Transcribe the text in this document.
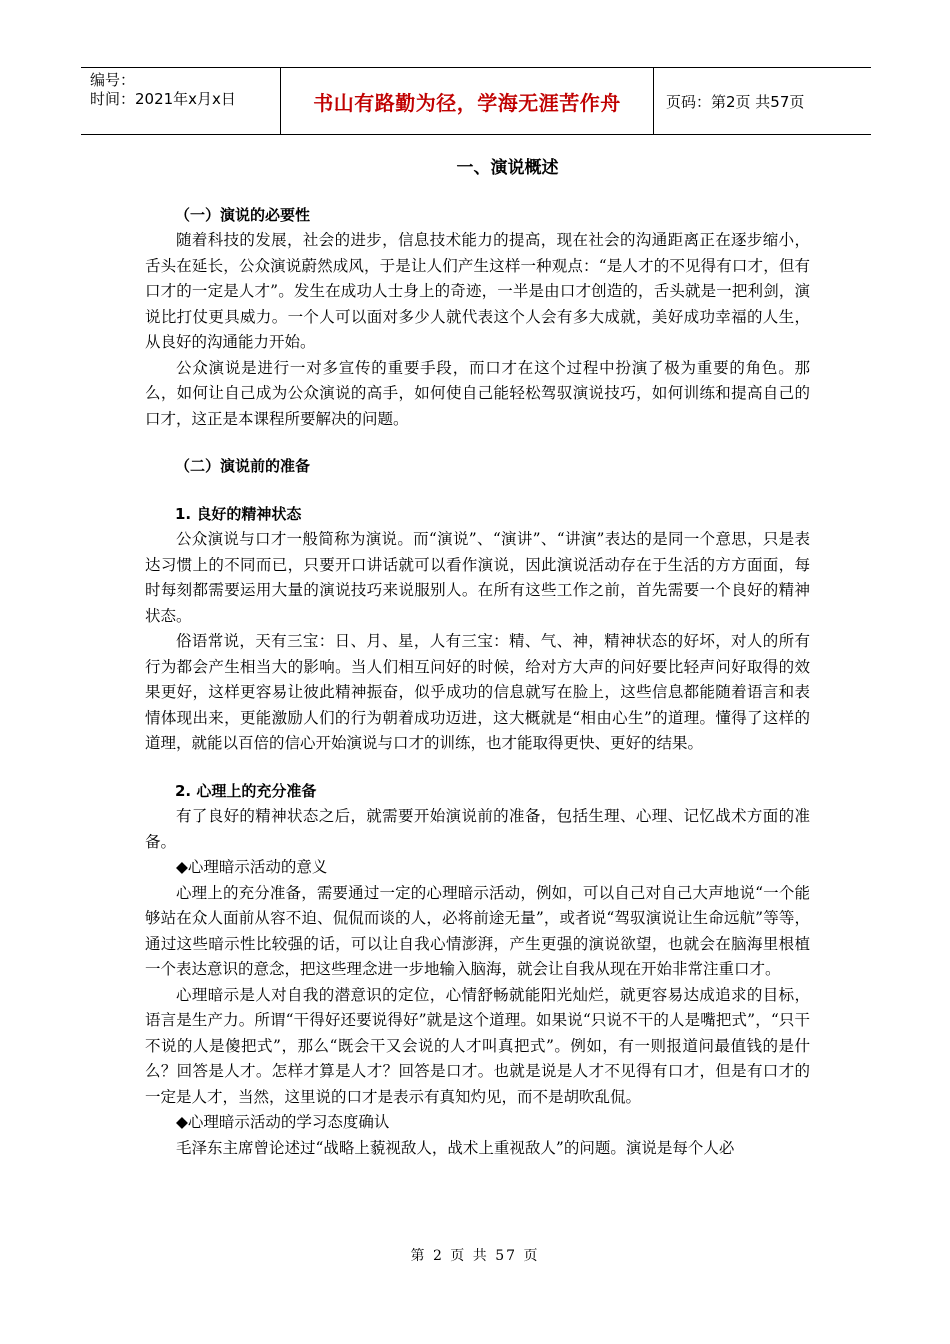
编号：
时间：2021年x月x日	书山有路勤为径，学海无涯苦作舟	页码：第2页 共57页
一、演说概述
（一）演说的必要性

随着科技的发展，社会的进步，信息技术能力的提高，现在社会的沟通距离正在逐步缩小，舌头在延长，公众演说蔚然成风，于是让人们产生这样一种观点：“是人才的不见得有口才，但有口才的一定是人才”。发生在成功人士身上的奇迹，一半是由口才创造的，舌头就是一把利剑，演说比打仗更具威力。一个人可以面对多少人就代表这个人会有多大成就，美好成功幸福的人生，从良好的沟通能力开始。

公众演说是进行一对多宣传的重要手段，而口才在这个过程中扮演了极为重要的角色。那么，如何让自己成为公众演说的高手，如何使自己能轻松驾驭演说技巧，如何训练和提高自己的口才，这正是本课程所要解决的问题。

（二）演说前的准备
1. 良好的精神状态

公众演说与口才一般简称为演说。而“演说”、“演讲”、“讲演”表达的是同一个意思，只是表达习惯上的不同而已，只要开口讲话就可以看作演说，因此演说活动存在于生活的方方面面，每时每刻都需要运用大量的演说技巧来说服别人。在所有这些工作之前，首先需要一个良好的精神状态。

俗语常说，天有三宝：日、月、星，人有三宝：精、气、神，精神状态的好坏，对人的所有行为都会产生相当大的影响。当人们相互问好的时候，给对方大声的问好要比轻声问好取得的效果更好，这样更容易让彼此精神振奋，似乎成功的信息就写在脸上，这些信息都能随着语言和表情体现出来，更能激励人们的行为朝着成功迈进，这大概就是“相由心生”的道理。懂得了这样的道理，就能以百倍的信心开始演说与口才的训练，也才能取得更快、更好的结果。

2. 心理上的充分准备

有了良好的精神状态之后，就需要开始演说前的准备，包括生理、心理、记忆战术方面的准备。

◆心理暗示活动的意义

心理上的充分准备，需要通过一定的心理暗示活动，例如，可以自己对自己大声地说“一个能够站在众人面前从容不迫、侃侃而谈的人，必将前途无量”，或者说“驾驭演说让生命远航”等等，通过这些暗示性比较强的话，可以让自我心情澎湃，产生更强的演说欲望，也就会在脑海里根植一个表达意识的意念，把这些理念进一步地输入脑海，就会让自我从现在开始非常注重口才。

心理暗示是人对自我的潜意识的定位，心情舒畅就能阳光灿烂，就更容易达成追求的目标，语言是生产力。所谓“干得好还要说得好”就是这个道理。如果说“只说不干的人是嘴把式”，“只干不说的人是傻把式”，那么“既会干又会说的人才叫真把式”。例如，有一则报道问最值钱的是什么？回答是人才。怎样才算是人才？回答是口才。也就是说是人才不见得有口才，但是有口才的一定是人才，当然，这里说的口才是表示有真知灼见，而不是胡吹乱侃。

◆心理暗示活动的学习态度确认

毛泽东主席曾论述过“战略上藐视敌人，战术上重视敌人”的问题。演说是每个人必

第 2 页 共 57 页
